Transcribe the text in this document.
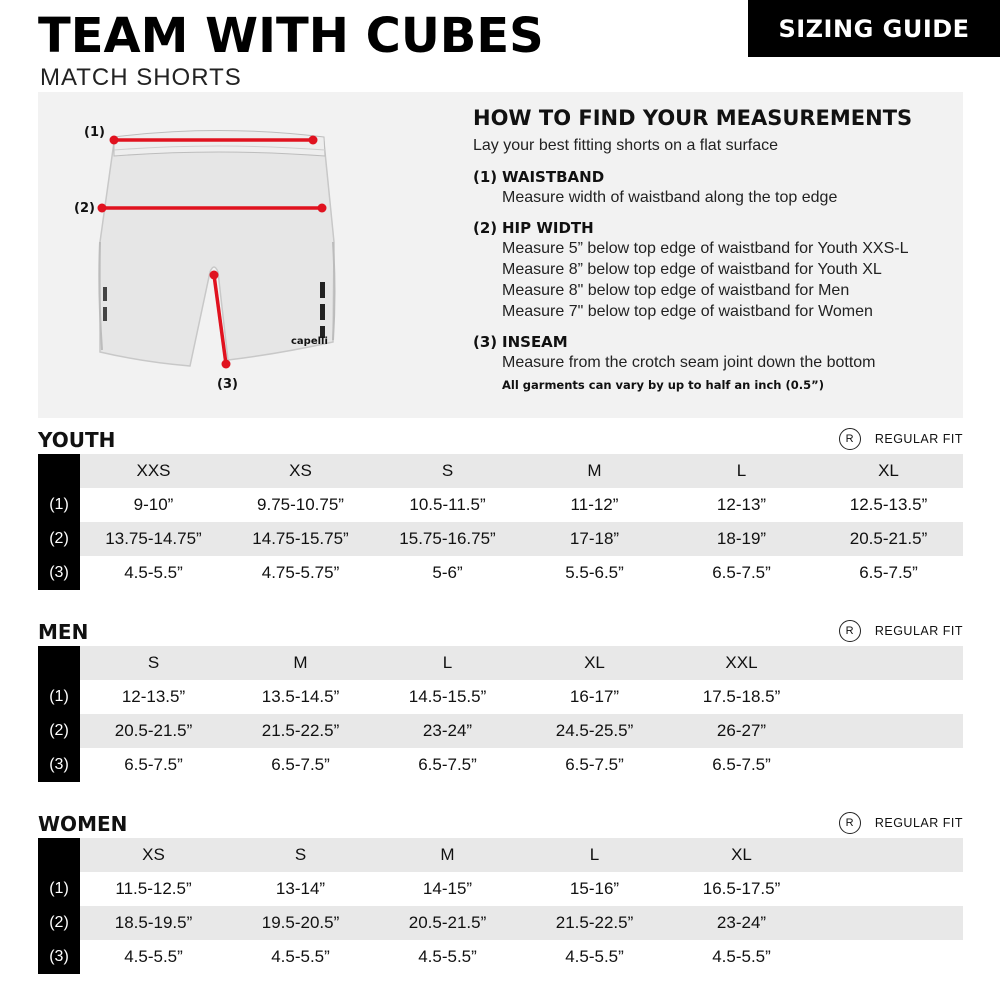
TEAM WITH CUBES
MATCH SHORTS
SIZING GUIDE
capelli
(1)
(2)
(3)
HOW TO FIND YOUR MEASUREMENTS
Lay your best fitting shorts on a flat surface
(1) WAISTBAND
Measure width of waistband along the top edge
(2) HIP WIDTH
Measure 5” below top edge of waistband for Youth XXS-L
Measure 8” below top edge of waistband for Youth XL
Measure 8" below top edge of waistband for Men
Measure 7" below top edge of waistband for Women
(3) INSEAM
Measure from the crotch seam joint down the bottom
All garments can vary by up to half an inch (0.5”)
YOUTH	R	REGULAR FIT
XXS	XS	S	M	L	XL
(1)	9-10”	9.75-10.75”	10.5-11.5”	11-12”	12-13”	12.5-13.5”
(2)	13.75-14.75”	14.75-15.75”	15.75-16.75”	17-18”	18-19”	20.5-21.5”
(3)	4.5-5.5”	4.75-5.75”	5-6”	5.5-6.5”	6.5-7.5”	6.5-7.5”
MEN	R	REGULAR FIT
S	M	L	XL	XXL
(1)	12-13.5”	13.5-14.5”	14.5-15.5”	16-17”	17.5-18.5”
(2)	20.5-21.5”	21.5-22.5”	23-24”	24.5-25.5”	26-27”
(3)	6.5-7.5”	6.5-7.5”	6.5-7.5”	6.5-7.5”	6.5-7.5”
WOMEN	R	REGULAR FIT
XS	S	M	L	XL
(1)	11.5-12.5”	13-14”	14-15”	15-16”	16.5-17.5”
(2)	18.5-19.5”	19.5-20.5”	20.5-21.5”	21.5-22.5”	23-24”
(3)	4.5-5.5”	4.5-5.5”	4.5-5.5”	4.5-5.5”	4.5-5.5”
